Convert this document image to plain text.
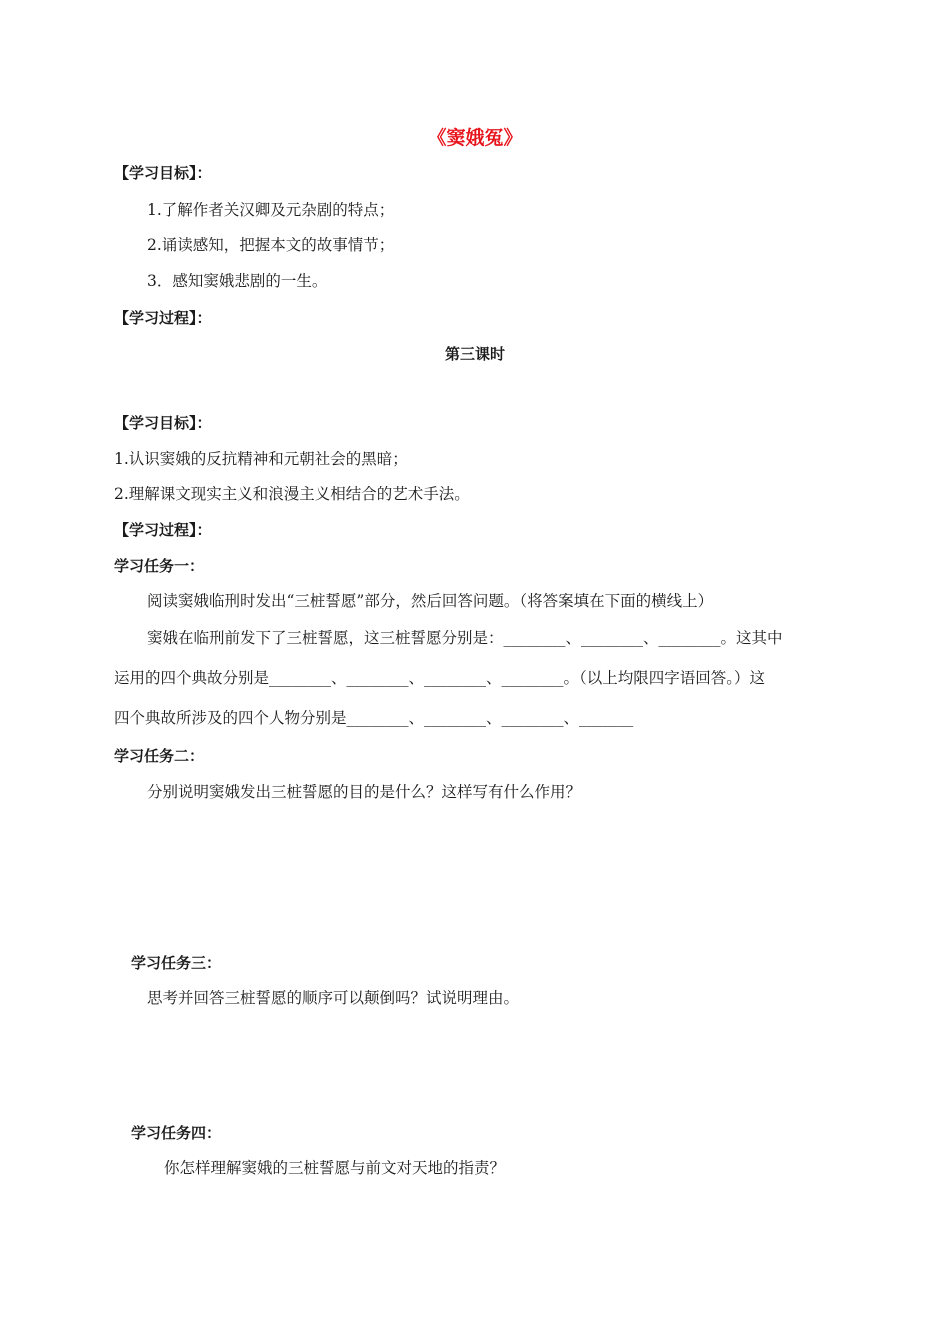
《窦娥冤》
【学习目标】：
1.了解作者关汉卿及元杂剧的特点；
2.诵读感知，把握本文的故事情节；
3．感知窦娥悲剧的一生。
【学习过程】：
第三课时
【学习目标】：
1.认识窦娥的反抗精神和元朝社会的黑暗；
2.理解课文现实主义和浪漫主义相结合的艺术手法。
【学习过程】：
学习任务一：
阅读窦娥临刑时发出“三桩誓愿”部分，然后回答问题。（将答案填在下面的横线上）
窦娥在临刑前发下了三桩誓愿，这三桩誓愿分别是：________、________、________。这其中
运用的四个典故分别是________、________、________、________。（以上均限四字语回答。）这
四个典故所涉及的四个人物分别是________、________、________、_______
学习任务二：
分别说明窦娥发出三桩誓愿的目的是什么？这样写有什么作用？
学习任务三：
思考并回答三桩誓愿的顺序可以颠倒吗？试说明理由。
学习任务四：
你怎样理解窦娥的三桩誓愿与前文对天地的指责？
